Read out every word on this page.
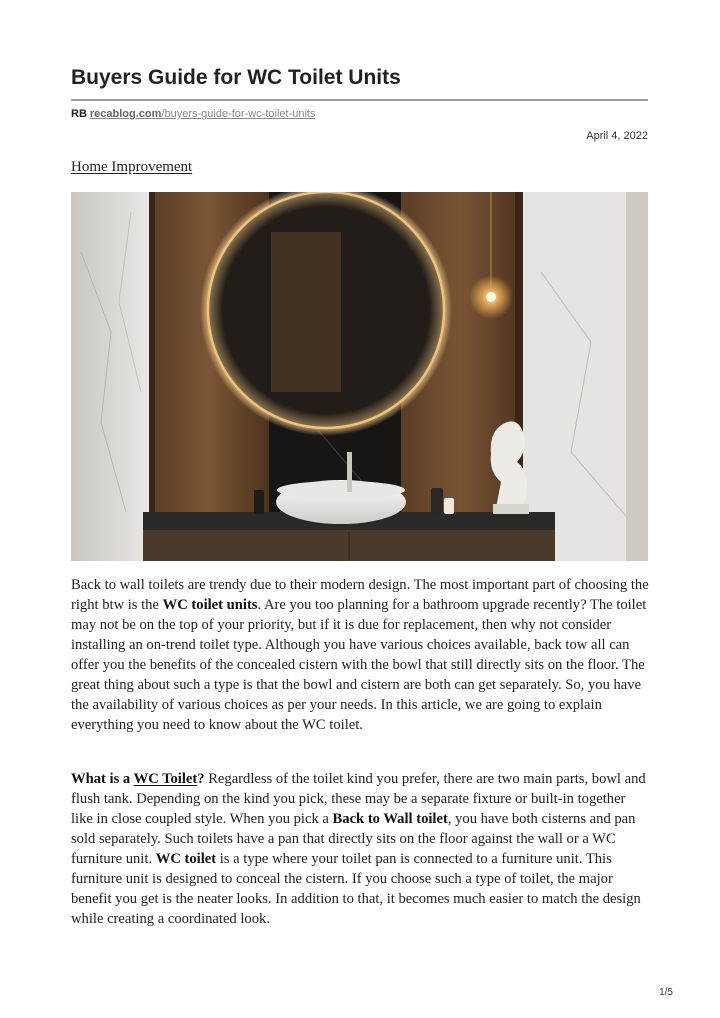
Buyers Guide for WC Toilet Units
RB recablog.com/buyers-guide-for-wc-toilet-units
April 4, 2022
Home Improvement

Back to wall toilets are trendy due to their modern design. The most important part of choosing the right btw is the WC toilet units. Are you too planning for a bathroom upgrade recently? The toilet may not be on the top of your priority, but if it is due for replacement, then why not consider installing an on-trend toilet type. Although you have various choices available, back tow all can offer you the benefits of the concealed cistern with the bowl that still directly sits on the floor. The great thing about such a type is that the bowl and cistern are both can get separately. So, you have the availability of various choices as per your needs. In this article, we are going to explain everything you need to know about the WC toilet.

What is a WC Toilet? Regardless of the toilet kind you prefer, there are two main parts, bowl and flush tank. Depending on the kind you pick, these may be a separate fixture or built-in together like in close coupled style. When you pick a Back to Wall toilet, you have both cisterns and pan sold separately. Such toilets have a pan that directly sits on the floor against the wall or a WC furniture unit. WC toilet is a type where your toilet pan is connected to a furniture unit. This furniture unit is designed to conceal the cistern. If you choose such a type of toilet, the major benefit you get is the neater looks. In addition to that, it becomes much easier to match the design while creating a coordinated look.

1/5
